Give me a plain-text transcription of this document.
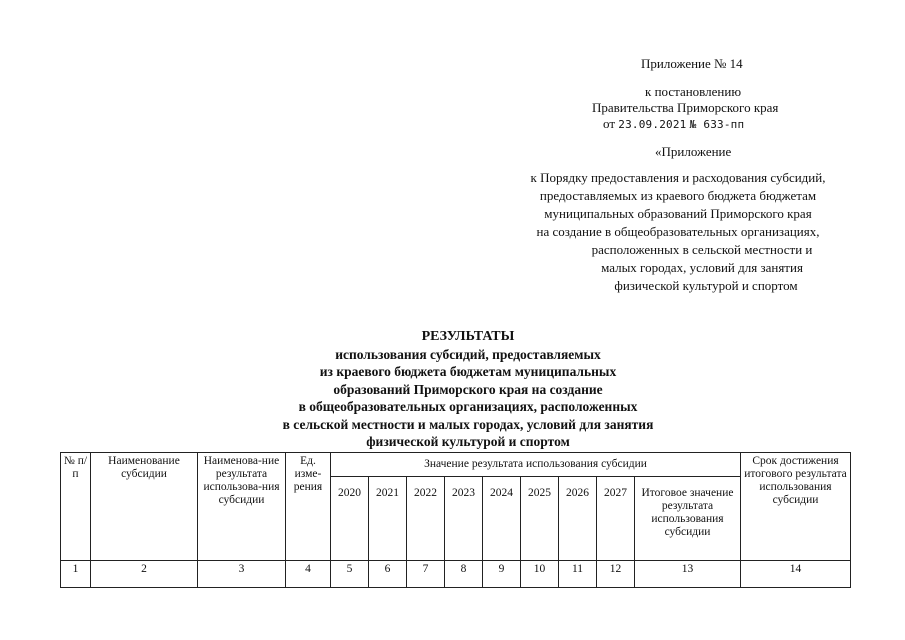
Приложение № 14
к постановлению
Правительства Приморского края
от 23.09.2021 № 633-пп
«Приложение
к Порядку предоставления и расходования субсидий,
предоставляемых из краевого бюджета бюджетам
муниципальных образований Приморского края
на создание в общеобразовательных организациях,
расположенных в сельской местности и
малых городах, условий для занятия
физической культурой и спортом
РЕЗУЛЬТАТЫ
использования субсидий, предоставляемых
из краевого бюджета бюджетам муниципальных
образований Приморского края на создание
в общеобразовательных организациях, расположенных
в сельской местности и малых городах, условий для занятия
физической культурой и спортом
№ п/п	Наименование субсидии	Наименова-ние результата использова-ния субсидии	Ед. изме-рения	Значение результата использования субсидии									Срок достижения итогового результата использования субсидии
				2020	2021	2022	2023	2024	2025	2026	2027	Итоговое значение результата использования субсидии	
1	2	3	4	5	6	7	8	9	10	11	12	13	14
